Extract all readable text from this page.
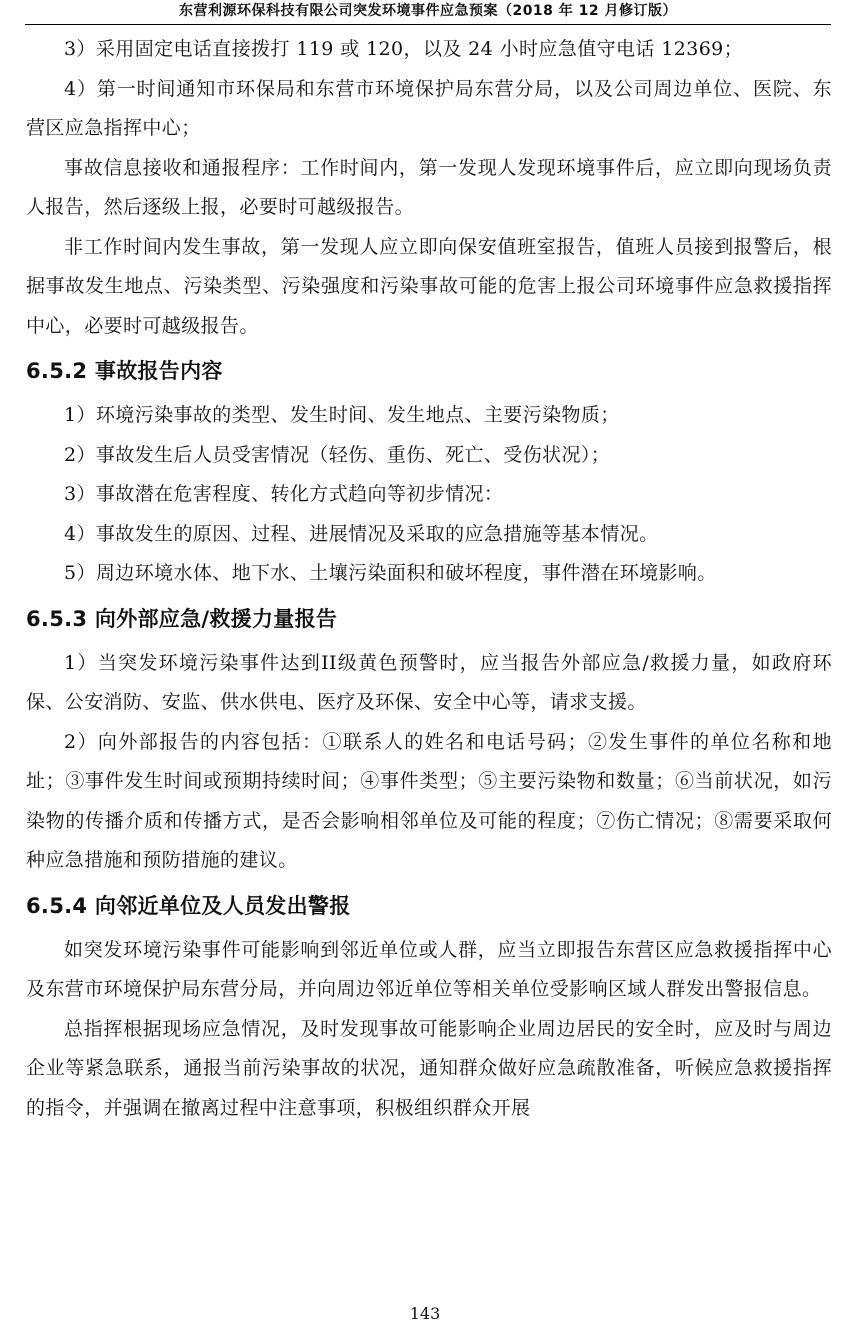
东营利源环保科技有限公司突发环境事件应急预案（2018 年 12 月修订版）

3）采用固定电话直接拨打 119 或 120，以及 24 小时应急值守电话 12369；

4）第一时间通知市环保局和东营市环境保护局东营分局，以及公司周边单位、医院、东营区应急指挥中心；

事故信息接收和通报程序：工作时间内，第一发现人发现环境事件后，应立即向现场负责人报告，然后逐级上报，必要时可越级报告。

非工作时间内发生事故，第一发现人应立即向保安值班室报告，值班人员接到报警后，根据事故发生地点、污染类型、污染强度和污染事故可能的危害上报公司环境事件应急救援指挥中心，必要时可越级报告。

6.5.2 事故报告内容

1）环境污染事故的类型、发生时间、发生地点、主要污染物质；

2）事故发生后人员受害情况（轻伤、重伤、死亡、受伤状况）；

3）事故潜在危害程度、转化方式趋向等初步情况：

4）事故发生的原因、过程、进展情况及采取的应急措施等基本情况。

5）周边环境水体、地下水、土壤污染面积和破坏程度，事件潜在环境影响。

6.5.3 向外部应急/救援力量报告

1）当突发环境污染事件达到II级黄色预警时，应当报告外部应急/救援力量，如政府环保、公安消防、安监、供水供电、医疗及环保、安全中心等，请求支援。

2）向外部报告的内容包括：①联系人的姓名和电话号码；②发生事件的单位名称和地址；③事件发生时间或预期持续时间；④事件类型；⑤主要污染物和数量；⑥当前状况，如污染物的传播介质和传播方式，是否会影响相邻单位及可能的程度；⑦伤亡情况；⑧需要采取何种应急措施和预防措施的建议。

6.5.4 向邻近单位及人员发出警报

如突发环境污染事件可能影响到邻近单位或人群，应当立即报告东营区应急救援指挥中心及东营市环境保护局东营分局，并向周边邻近单位等相关单位受影响区域人群发出警报信息。

总指挥根据现场应急情况，及时发现事故可能影响企业周边居民的安全时，应及时与周边企业等紧急联系，通报当前污染事故的状况，通知群众做好应急疏散准备，听候应急救援指挥的指令，并强调在撤离过程中注意事项，积极组织群众开展

143
